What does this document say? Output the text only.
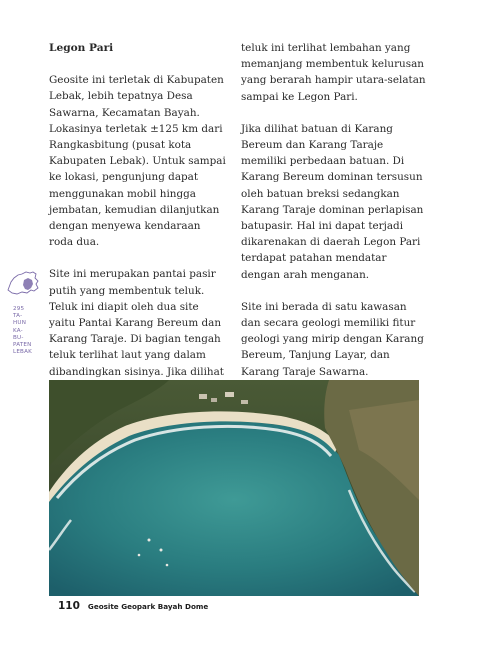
Legon Pari

Geosite ini terletak di Kabupaten Lebak, lebih tepatnya Desa Sawarna, Kecamatan Bayah. Lokasinya terletak ±125 km dari Rangkasbitung (pusat kota Kabupaten Lebak). Untuk sampai ke lokasi, pengunjung dapat menggunakan mobil hingga jembatan, kemudian dilanjutkan dengan menyewa kendaraan roda dua.

Site ini merupakan pantai pasir putih yang membentuk teluk. Teluk ini diapit oleh dua site yaitu Pantai Karang Bereum dan Karang Taraje. Di bagian tengah teluk terlihat laut yang dalam dibandingkan sisinya. Jika dilihat

teluk ini terlihat lembahan yang memanjang membentuk kelurusan yang berarah hampir utara-selatan sampai ke Legon Pari.

Jika dilihat batuan di Karang Bereum dan Karang Taraje memiliki perbedaan batuan. Di Karang Bereum dominan tersusun oleh batuan breksi sedangkan Karang Taraje dominan perlapisan batupasir. Hal ini dapat terjadi dikarenakan di daerah Legon Pari terdapat patahan mendatar dengan arah menganan.

Site ini berada di satu kawasan dan secara geologi memiliki fitur geologi yang mirip dengan Karang Bereum, Tanjung Layar, dan Karang Taraje Sawarna.

295
TA-
HUN
KA-
BU-
PATEN
LEBAK
110 Geosite Geopark Bayah Dome
